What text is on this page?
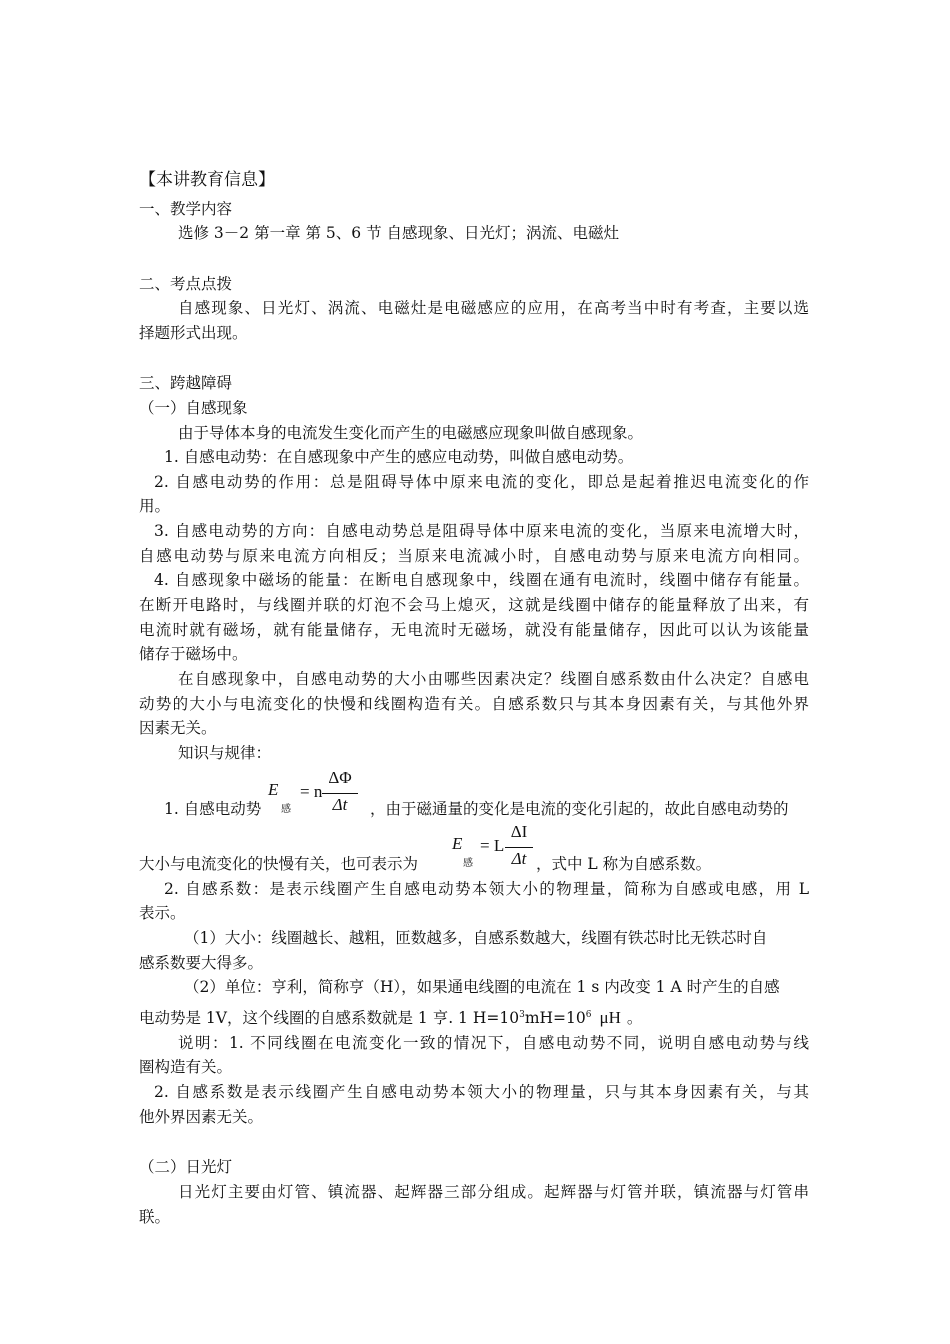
【本讲教育信息】

一、教学内容

选修 3－2 第一章 第 5、6 节 自感现象、日光灯；涡流、电磁灶

二、考点点拨

自感现象、日光灯、涡流、电磁灶是电磁感应的应用，在高考当中时有考查，主要以选

择题形式出现。

三、跨越障碍

（一）自感现象

由于导体本身的电流发生变化而产生的电磁感应现象叫做自感现象。

1. 自感电动势：在自感现象中产生的感应电动势，叫做自感电动势。

2. 自感电动势的作用：总是阻碍导体中原来电流的变化，即总是起着推迟电流变化的作

用。

3. 自感电动势的方向：自感电动势总是阻碍导体中原来电流的变化，当原来电流增大时，

自感电动势与原来电流方向相反；当原来电流减小时，自感电动势与原来电流方向相同。

4. 自感现象中磁场的能量：在断电自感现象中，线圈在通有电流时，线圈中储存有能量。

在断开电路时，与线圈并联的灯泡不会马上熄灭，这就是线圈中储存的能量释放了出来，有

电流时就有磁场，就有能量储存，无电流时无磁场，就没有能量储存，因此可以认为该能量

储存于磁场中。

在自感现象中，自感电动势的大小由哪些因素决定？线圈自感系数由什么决定？自感电

动势的大小与电流变化的快慢和线圈构造有关。自感系数只与其本身因素有关，与其他外界

因素无关。

知识与规律：

1. 自感电动势

E
感
= n
ΔΦ
Δt	，由于磁通量的变化是电流的变化引起的，故此自感电动势的

大小与电流变化的快慢有关，也可表示为

E
感
= L
ΔI
Δt ，式中 L 称为自感系数。

2. 自感系数：是表示线圈产生自感电动势本领大小的物理量，简称为自感或电感，用 L

表示。

（1）大小：线圈越长、越粗，匝数越多，自感系数越大，线圈有铁芯时比无铁芯时自

感系数要大得多。

（2）单位：亨利，简称亨（H），如果通电线圈的电流在 1 s 内改变 1 A 时产生的自感

电动势是 1V，这个线圈的自感系数就是 1 亨. 1 $H=10^3mH=10^6$ μH 。

说明：1. 不同线圈在电流变化一致的情况下，自感电动势不同，说明自感电动势与线

圈构造有关。

2. 自感系数是表示线圈产生自感电动势本领大小的物理量，只与其本身因素有关，与其

他外界因素无关。

（二）日光灯

日光灯主要由灯管、镇流器、起辉器三部分组成。起辉器与灯管并联，镇流器与灯管串

联。
